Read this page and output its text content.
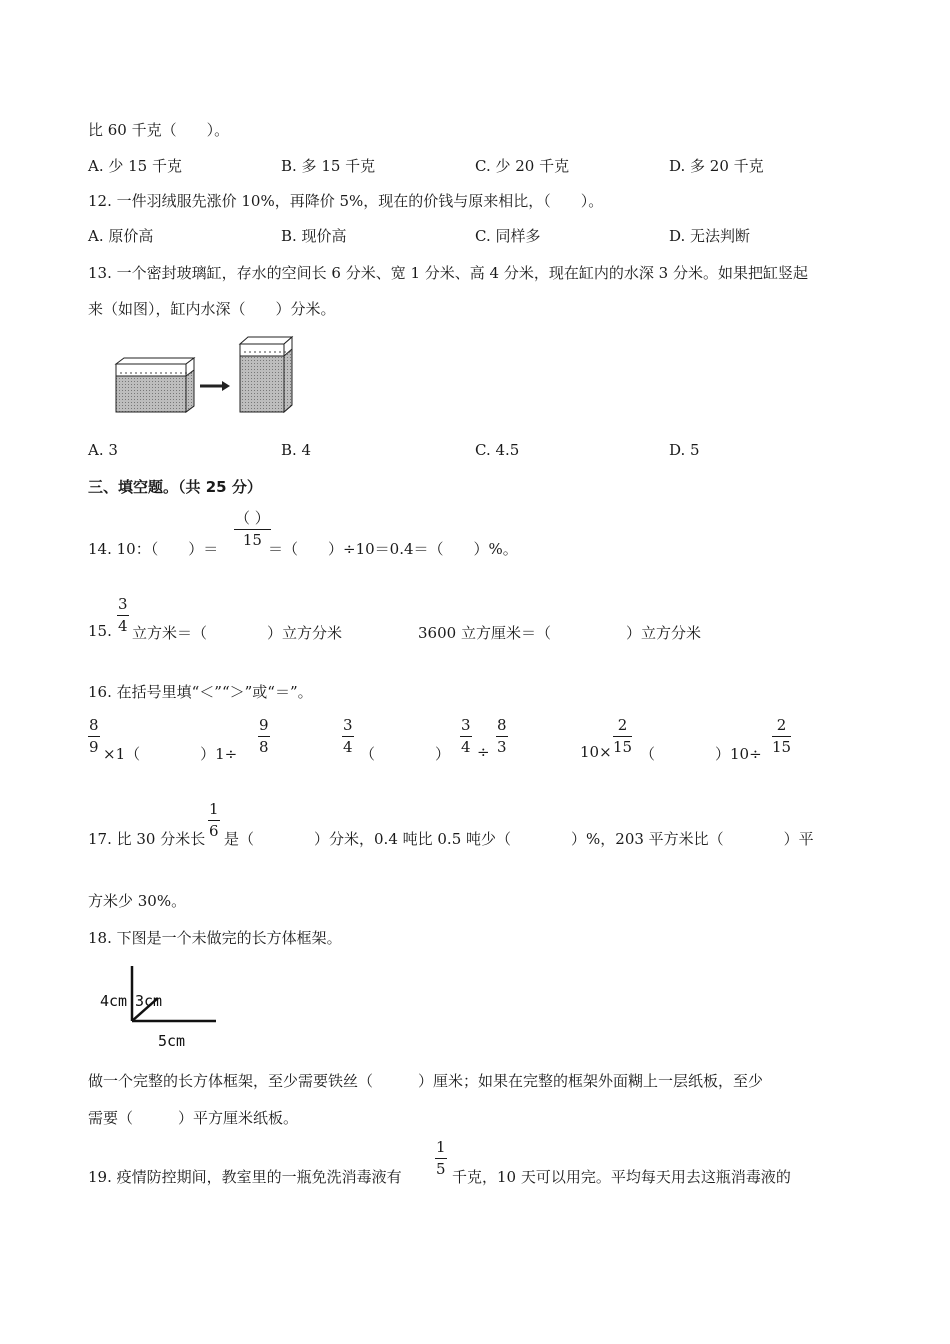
比 60 千克（　　）。
A. 少 15 千克	B. 多 15 千克	C. 少 20 千克	D. 多 20 千克
12. 一件羽绒服先涨价 10%，再降价 5%，现在的价钱与原来相比，（　　）。
A. 原价高	B. 现价高	C. 同样多	D. 无法判断
13. 一个密封玻璃缸，存水的空间长 6 分米、宽 1 分米、高 4 分米，现在缸内的水深 3 分米。如果把缸竖起
来（如图），缸内水深（　　）分米。
A. 3	B. 4	C. 4.5	D. 5
三、填空题。（共 25 分）
14. 10：（　　）＝
（ ）
15 ＝（　　）÷10＝0.4＝（　　）%。
15.
3
4 立方米＝（　　　　）立方分米	3600 立方厘米＝（　　　　　）立方分米
16. 在括号里填“＜”“＞”或“＝”。
8
9 ×1（　　　　）1÷
9
8
3
4 （　　　　）
3
4 ÷
8
3	10×
2
15 （　　　　）10÷
2
15
17. 比 30 分米长
1
6 是（　　　　）分米，0.4 吨比 0.5 吨少（　　　　）%，203 平方米比（　　　　）平
方米少 30%。
18. 下图是一个未做完的长方体框架。
4cm 3cm
5cm
做一个完整的长方体框架，至少需要铁丝（　　　）厘米；如果在完整的框架外面糊上一层纸板，至少
需要（　　　）平方厘米纸板。
19. 疫情防控期间，教室里的一瓶免洗消毒液有
1
5 千克，10 天可以用完。平均每天用去这瓶消毒液的
